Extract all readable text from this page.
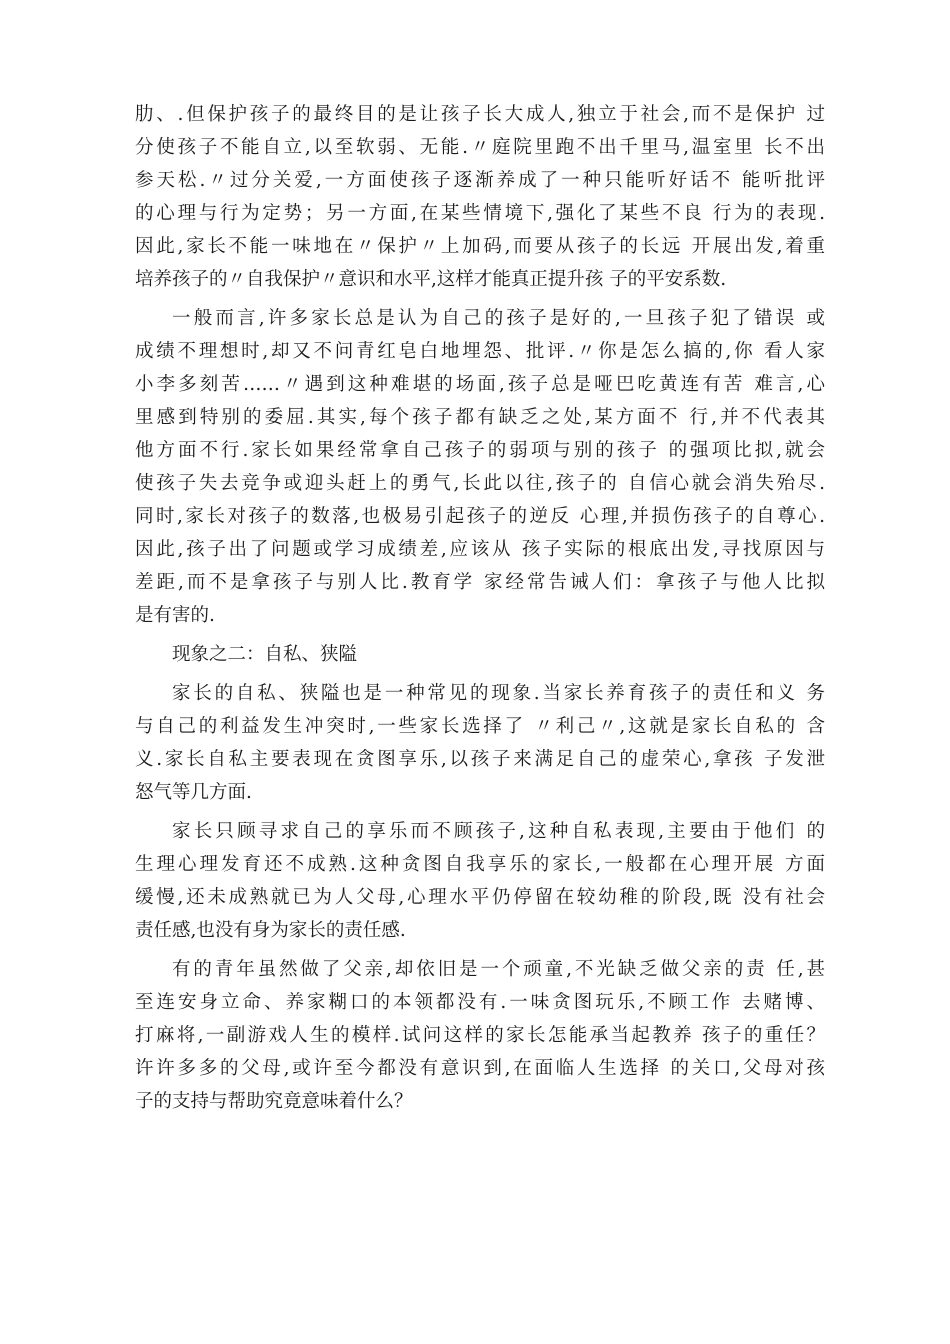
肋、.但保护孩子的最终目的是让孩子长大成人,独立于社会,而不是保护 过
分使孩子不能自立,以至软弱、无能.〃庭院里跑不出千里马,温室里 长不出
参天松.〃过分关爱,一方面使孩子逐渐养成了一种只能听好话不 能听批评
的心理与行为定势；另一方面,在某些情境下,强化了某些不良 行为的表现.
因此,家长不能一味地在〃保护〃上加码,而要从孩子的长远 开展出发,着重
培养孩子的〃自我保护〃意识和水平,这样才能真正提升孩 子的平安系数.
一般而言,许多家长总是认为自己的孩子是好的,一旦孩子犯了错误 或
成绩不理想时,却又不问青红皂白地埋怨、批评.〃你是怎么搞的,你 看人家
小李多刻苦……〃遇到这种难堪的场面,孩子总是哑巴吃黄连有苦 难言,心
里感到特别的委屈.其实,每个孩子都有缺乏之处,某方面不 行,并不代表其
他方面不行.家长如果经常拿自己孩子的弱项与别的孩子 的强项比拟,就会
使孩子失去竞争或迎头赶上的勇气,长此以往,孩子的 自信心就会消失殆尽.
同时,家长对孩子的数落,也极易引起孩子的逆反 心理,并损伤孩子的自尊心.
因此,孩子出了问题或学习成绩差,应该从 孩子实际的根底出发,寻找原因与
差距,而不是拿孩子与别人比.教育学 家经常告诫人们：拿孩子与他人比拟
是有害的.
现象之二：自私、狭隘
家长的自私、狭隘也是一种常见的现象.当家长养育孩子的责任和义 务
与自己的利益发生冲突时,一些家长选择了 〃利己〃,这就是家长自私的 含
义.家长自私主要表现在贪图享乐,以孩子来满足自己的虚荣心,拿孩 子发泄
怒气等几方面.
家长只顾寻求自己的享乐而不顾孩子,这种自私表现,主要由于他们 的
生理心理发育还不成熟.这种贪图自我享乐的家长,一般都在心理开展 方面
缓慢,还未成熟就已为人父母,心理水平仍停留在较幼稚的阶段,既 没有社会
责任感,也没有身为家长的责任感.
有的青年虽然做了父亲,却依旧是一个顽童,不光缺乏做父亲的责 任,甚
至连安身立命、养家糊口的本领都没有.一味贪图玩乐,不顾工作 去赌博、
打麻将,一副游戏人生的模样.试问这样的家长怎能承当起教养 孩子的重任？
许许多多的父母,或许至今都没有意识到,在面临人生选择 的关口,父母对孩
子的支持与帮助究竟意味着什么？
